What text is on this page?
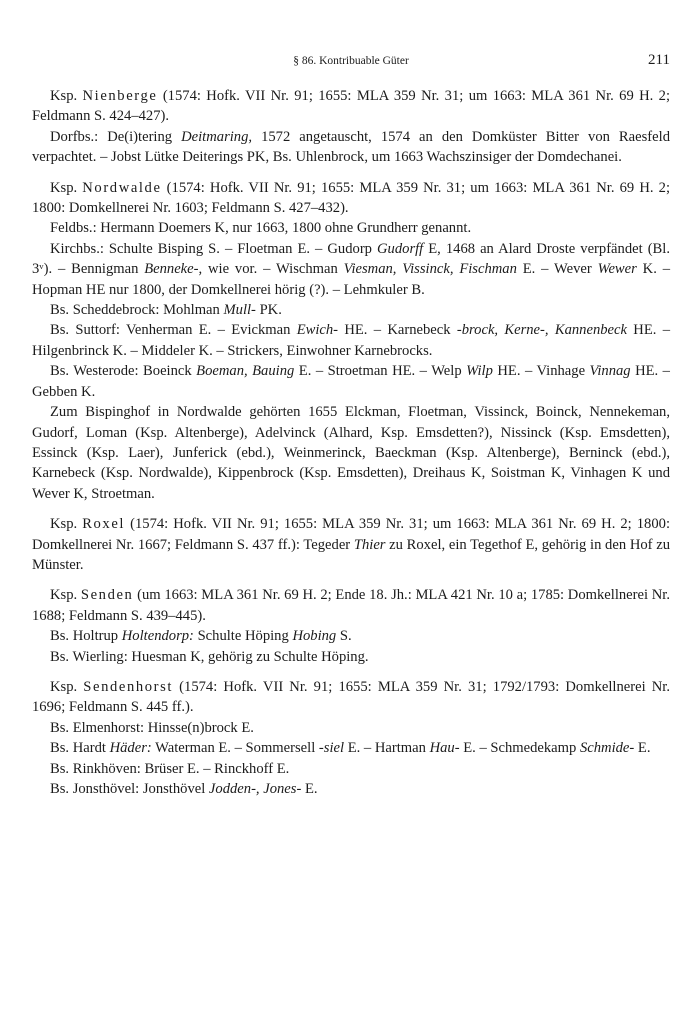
§ 86. Kontribuable Güter	211

Ksp. Nienberge (1574: Hofk. VII Nr. 91; 1655: MLA 359 Nr. 31; um 1663: MLA 361 Nr. 69 H. 2; Feldmann S. 424–427).

Dorfbs.: De(i)tering Deitmaring, 1572 angetauscht, 1574 an den Domküster Bitter von Raesfeld verpachtet. – Jobst Lütke Deiterings PK, Bs. Uhlenbrock, um 1663 Wachszinsiger der Domdechanei.

Ksp. Nordwalde (1574: Hofk. VII Nr. 91; 1655: MLA 359 Nr. 31; um 1663: MLA 361 Nr. 69 H. 2; 1800: Domkellnerei Nr. 1603; Feldmann S. 427–432).

Feldbs.: Hermann Doemers K, nur 1663, 1800 ohne Grundherr genannt.

Kirchbs.: Schulte Bisping S. – Floetman E. – Gudorp Gudorff E, 1468 an Alard Droste verpfändet (Bl. 3ᵛ). – Bennigman Benneke-, wie vor. – Wischman Viesman, Vissinck, Fischman E. – Wever Wewer K. – Hopman HE nur 1800, der Domkellnerei hörig (?). – Lehmkuler B.

Bs. Scheddebrock: Mohlman Mull- PK.

Bs. Suttorf: Venherman E. – Evickman Ewich- HE. – Karnebeck -brock, Kerne-, Kannenbeck HE. – Hilgenbrinck K. – Middeler K. – Strickers, Einwohner Karnebrocks.

Bs. Westerode: Boeinck Boeman, Bauing E. – Stroetman HE. – Welp Wilp HE. – Vinhage Vinnag HE. – Gebben K.

Zum Bispinghof in Nordwalde gehörten 1655 Elckman, Floetman, Vissinck, Boinck, Nennekeman, Gudorf, Loman (Ksp. Altenberge), Adelvinck (Alhard, Ksp. Emsdetten?), Nissinck (Ksp. Emsdetten), Essinck (Ksp. Laer), Junferick (ebd.), Weinmerinck, Baeckman (Ksp. Altenberge), Berninck (ebd.), Karnebeck (Ksp. Nordwalde), Kippenbrock (Ksp. Emsdetten), Dreihaus K, Soistman K, Vinhagen K und Wever K, Stroetman.

Ksp. Roxel (1574: Hofk. VII Nr. 91; 1655: MLA 359 Nr. 31; um 1663: MLA 361 Nr. 69 H. 2; 1800: Domkellnerei Nr. 1667; Feldmann S. 437 ff.): Tegeder Thier zu Roxel, ein Tegethof E, gehörig in den Hof zu Münster.

Ksp. Senden (um 1663: MLA 361 Nr. 69 H. 2; Ende 18. Jh.: MLA 421 Nr. 10 a; 1785: Domkellnerei Nr. 1688; Feldmann S. 439–445).

Bs. Holtrup Holtendorp: Schulte Höping Hobing S.

Bs. Wierling: Huesman K, gehörig zu Schulte Höping.

Ksp. Sendenhorst (1574: Hofk. VII Nr. 91; 1655: MLA 359 Nr. 31; 1792/1793: Domkellnerei Nr. 1696; Feldmann S. 445 ff.).

Bs. Elmenhorst: Hinsse(n)brock E.

Bs. Hardt Häder: Waterman E. – Sommersell -siel E. – Hartman Hau- E. – Schmedekamp Schmide- E.

Bs. Rinkhöven: Brüser E. – Rinckhoff E.

Bs. Jonsthövel: Jonsthövel Jodden-, Jones- E.
